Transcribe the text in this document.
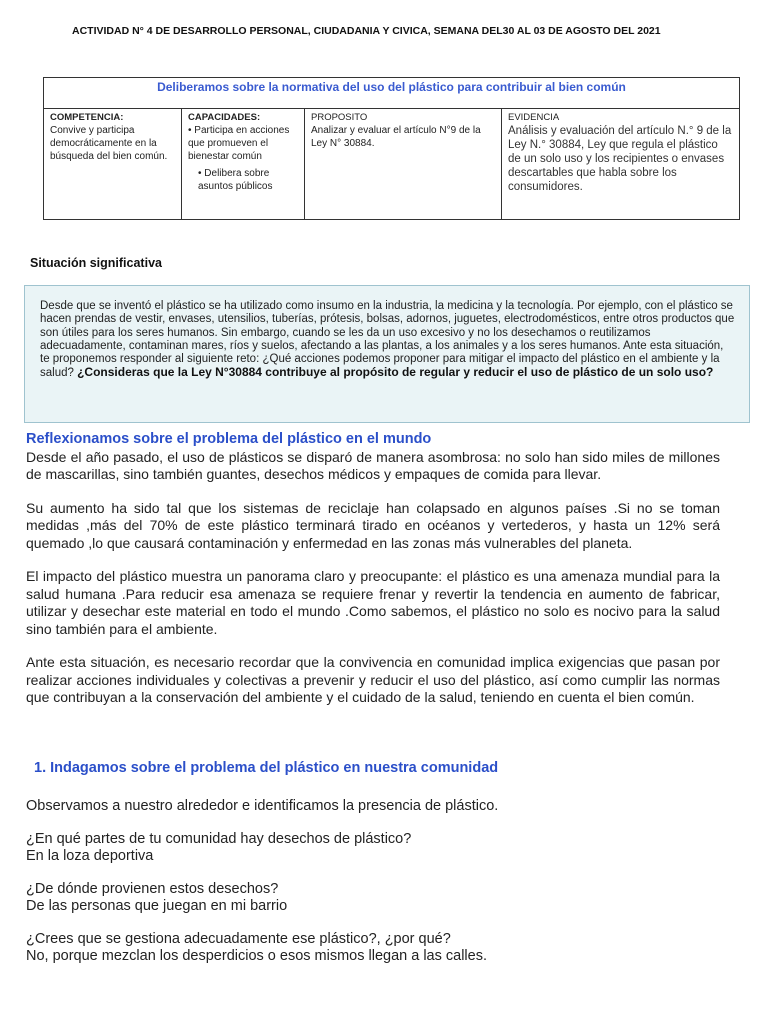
ACTIVIDAD N° 4 DE DESARROLLO PERSONAL, CIUDADANIA Y CIVICA, SEMANA DEL30 AL 03 DE AGOSTO DEL 2021
Deliberamos sobre la normativa del uso del plástico para contribuir al bien común
COMPETENCIA:
Convive y participa democráticamente en la búsqueda del bien común.
CAPACIDADES:
• Participa en acciones que promueven el bienestar común
• Delibera sobre asuntos públicos
PROPOSITO
Analizar y evaluar el artículo N°9 de la Ley N° 30884.
EVIDENCIA
Análisis y evaluación del artículo N.° 9 de la Ley N.° 30884, Ley que regula el plástico de un solo uso y los recipientes o envases descartables que habla sobre los consumidores.
Situación significativa
Desde que se inventó el plástico se ha utilizado como insumo en la industria, la medicina y la tecnología. Por ejemplo, con el plástico se hacen prendas de vestir, envases, utensilios, tuberías, prótesis, bolsas, adornos, juguetes, electrodomésticos, entre otros productos que son útiles para los seres humanos. Sin embargo, cuando se les da un uso excesivo y no los desechamos o reutilizamos adecuadamente, contaminan mares, ríos y suelos, afectando a las plantas, a los animales y a los seres humanos. Ante esta situación, te proponemos responder al siguiente reto: ¿Qué acciones podemos proponer para mitigar el impacto del plástico en el ambiente y la salud? ¿Consideras que la Ley N°30884 contribuye al propósito de regular y reducir el uso de plástico de un solo uso?
Reflexionamos sobre el problema del plástico en el mundo

Desde el año pasado, el uso de plásticos se disparó de manera asombrosa: no solo han sido miles de millones de mascarillas, sino también guantes, desechos médicos y empaques de comida para llevar.

Su aumento ha sido tal que los sistemas de reciclaje han colapsado en algunos países .Si no se toman medidas ,más del 70% de este plástico terminará tirado en océanos y vertederos, y hasta un 12% será quemado ,lo que causará contaminación y enfermedad en las zonas más vulnerables del planeta.

El impacto del plástico muestra un panorama claro y preocupante: el plástico es una amenaza mundial para la salud humana .Para reducir esa amenaza se requiere frenar y revertir la tendencia en aumento de fabricar, utilizar y desechar este material en todo el mundo .Como sabemos, el plástico no solo es nocivo para la salud sino también para el ambiente.

Ante esta situación, es necesario recordar que la convivencia en comunidad implica exigencias que pasan por realizar acciones individuales y colectivas a prevenir y reducir el uso del plástico, así como cumplir las normas que contribuyan a la conservación del ambiente y el cuidado de la salud, teniendo en cuenta el bien común.

1. Indagamos sobre el problema del plástico en nuestra comunidad

Observamos a nuestro alrededor e identificamos la presencia de plástico.

¿En qué partes de tu comunidad hay desechos de plástico?
En la loza deportiva

¿De dónde provienen estos desechos?
De las personas que juegan en mi barrio

¿Crees que se gestiona adecuadamente ese plástico?, ¿por qué?
No, porque mezclan los desperdicios o esos mismos llegan a las calles.
